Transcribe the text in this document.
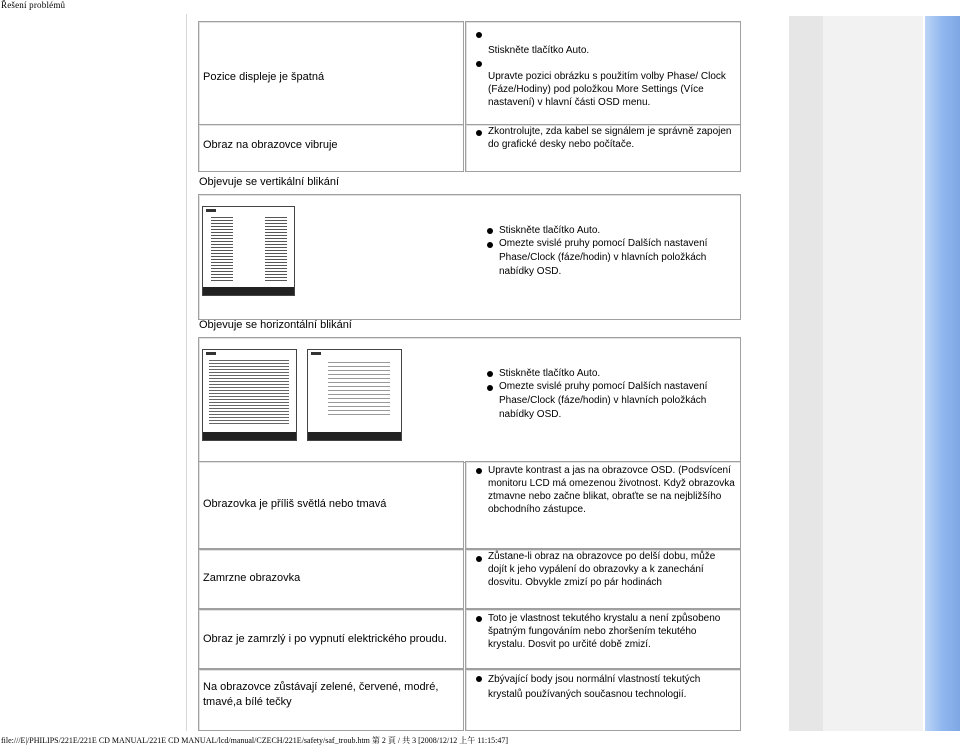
Řešení problémů
Pozice displeje je špatná
Stiskněte tlačítko Auto.
Upravte pozici obrázku s použitím volby Phase/ Clock (Fáze/Hodiny) pod položkou More Settings (Více nastavení) v hlavní části OSD menu.
Obraz na obrazovce vibruje
Zkontrolujte, zda kabel se signálem je správně zapojen do grafické desky nebo počítače.
Objevuje se vertikální blikání
Stiskněte tlačítko Auto.
Omezte svislé pruhy pomocí Dalších nastavení Phase/Clock (fáze/hodin) v hlavních položkách nabídky OSD.
Objevuje se horizontální blikání
Stiskněte tlačítko Auto.
Omezte svislé pruhy pomocí Dalších nastavení Phase/Clock (fáze/hodin) v hlavních položkách nabídky OSD.
Obrazovka je příliš světlá nebo tmavá
Upravte kontrast a jas na obrazovce OSD. (Podsvícení monitoru LCD má omezenou životnost. Když obrazovka ztmavne nebo začne blikat, obraťte se na nejbližšího obchodního zástupce.
Zamrzne obrazovka
Zůstane-li obraz na obrazovce po delší dobu, může dojít k jeho vypálení do obrazovky a k zanechání dosvitu. Obvykle zmizí po pár hodinách
Obraz je zamrzlý i po vypnutí elektrického proudu.
Toto je vlastnost tekutého krystalu a není způsobeno špatným fungováním nebo zhoršením tekutého krystalu. Dosvit po určité době zmizí.
Na obrazovce zůstávají zelené, červené, modré, tmavé,a bílé tečky
Zbývající body jsou normální vlastností tekutých krystalů používaných současnou technologií.
file:///E|/PHILIPS/221E/221E CD MANUAL/221E CD MANUAL/lcd/manual/CZECH/221E/safety/saf_troub.htm 第 2 頁 / 共 3 [2008/12/12 上午 11:15:47]
